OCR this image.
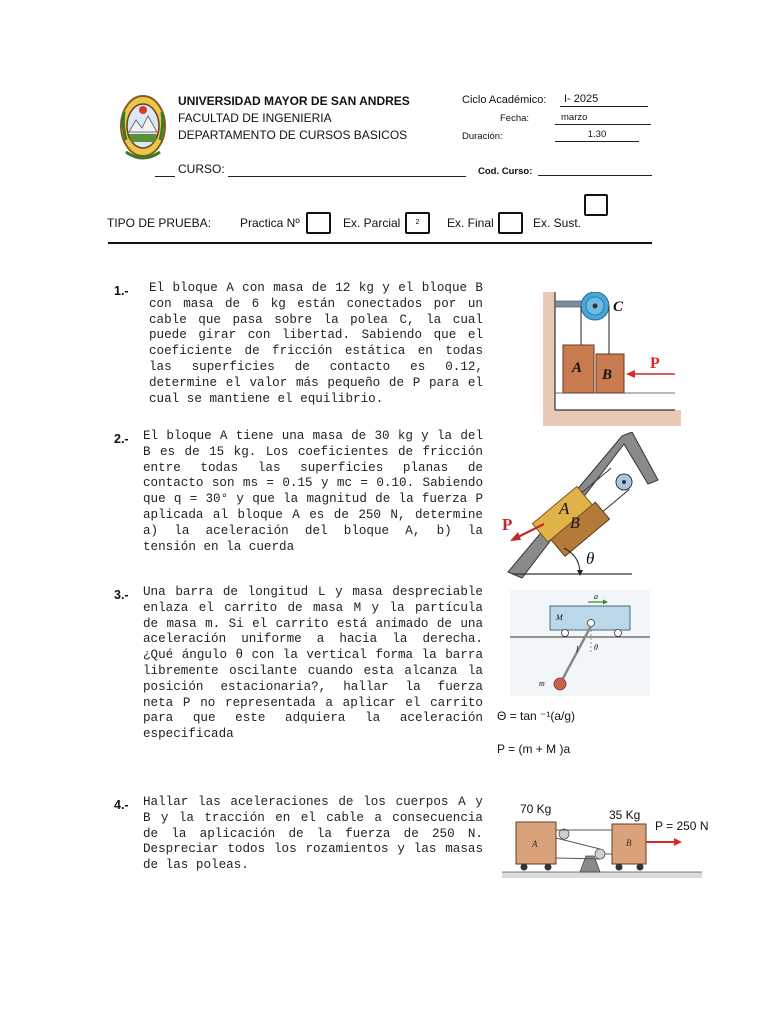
UNIVERSIDAD MAYOR DE SAN ANDRES
FACULTAD DE INGENIERIA
DEPARTAMENTO DE CURSOS BASICOS
CURSO:
Ciclo Académico:	I- 2025
Fecha:	marzo
Duración:	1.30
Cod. Curso:
TIPO DE PRUEBA: Practica Nº	Ex. Parcial	2	Ex. Final	Ex. Sust.
1.- El bloque A con masa de 12 kg y el bloque B con masa de 6 kg están conectados por un cable que pasa sobre la polea C, la cual puede girar con libertad. Sabiendo que el coeficiente de fricción estática en todas las superficies de contacto es 0.12, determine el valor más pequeño de P para el cual se mantiene el equilibrio.
A B
C
P
2.- El bloque A tiene una masa de 30 kg y la del B es de 15 kg. Los coeficientes de fricción entre todas las superficies planas de contacto son ms = 0.15 y mc = 0.10. Sabiendo que q = 30° y que la magnitud de la fuerza P aplicada al bloque A es de 250 N, determine a) la aceleración del bloque A, b) la tensión en la cuerda
A
B
P
θ
3.- Una barra de longitud L y masa despreciable enlaza el carrito de masa M y la partícula de masa m. Si el carrito está animado de una aceleración uniforme a hacia la derecha. ¿Qué ángulo θ con la vertical forma la barra libremente oscilante cuando esta alcanza la posición estacionaria?, hallar la fuerza neta P no representada a aplicar el carrito para que este adquiera la aceleración especificada
a
M
l θ
m
Θ = tan ⁻¹(a/g)
P = (m + M )a
4.- Hallar las aceleraciones de los cuerpos A y B y la tracción en el cable a consecuencia de la aplicación de la fuerza de 250 N. Despreciar todos los rozamientos y las masas de las poleas.
70 Kg	35 Kg
P = 250 N
A	B
